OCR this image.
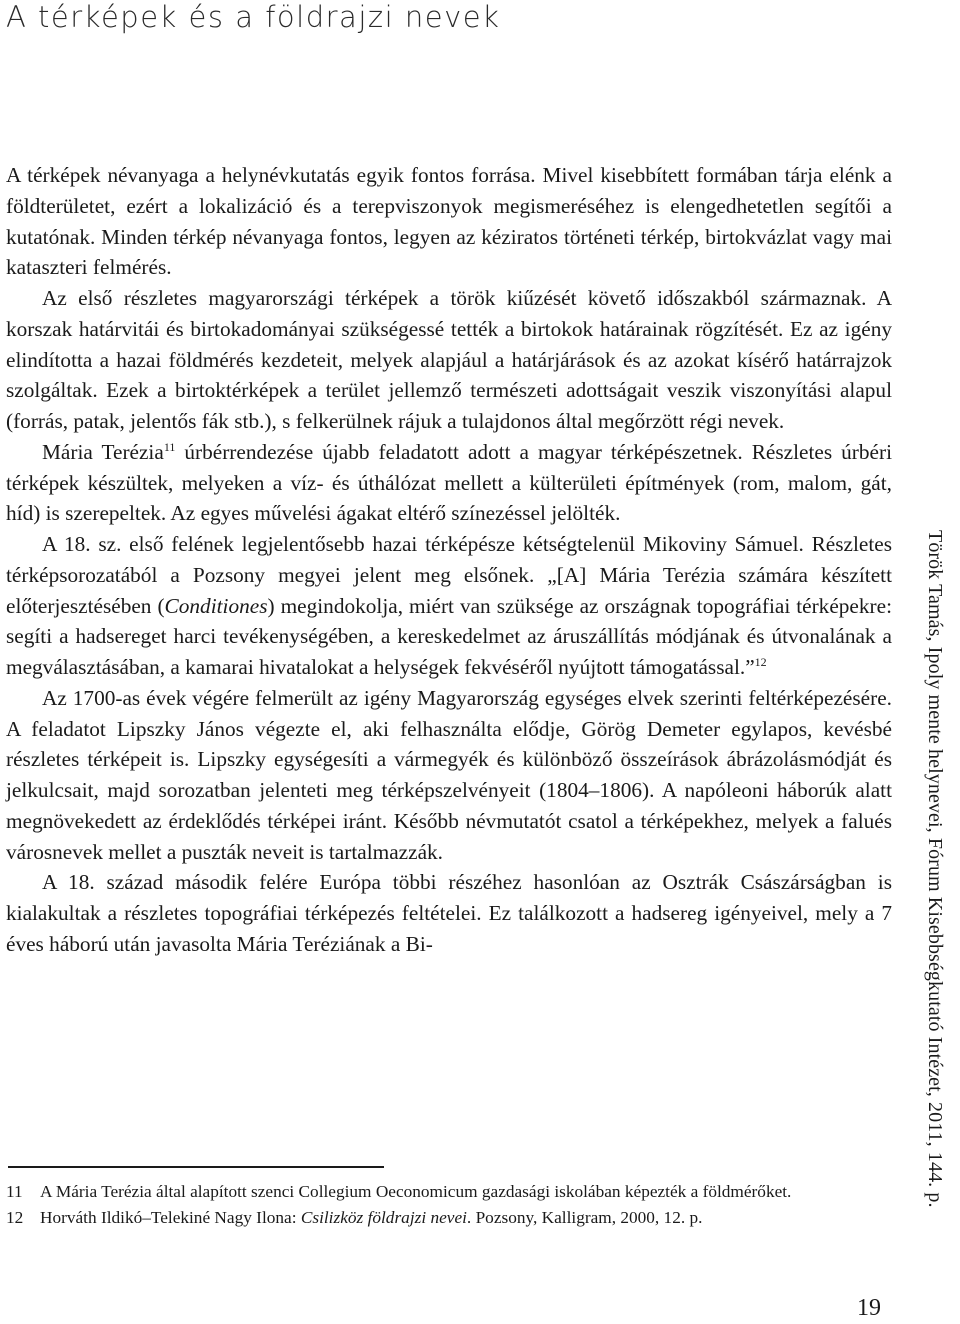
A térképek és a földrajzi nevek

A térképek névanyaga a helynévkutatás egyik fontos forrása. Mivel kisebbített formában tárja elénk a földterületet, ezért a lokalizáció és a terepviszonyok megismeréséhez is elengedhetetlen segítői a kutatónak. Minden térkép névanyaga fontos, legyen az kéziratos történeti térkép, birtokvázlat vagy mai kataszteri felmérés.

Az első részletes magyarországi térképek a török kiűzését követő időszakból származnak. A korszak határvitái és birtokadományai szükségessé tették a birtokok határainak rögzítését. Ez az igény elindította a hazai földmérés kezdeteit, melyek alapjául a határjárások és az azokat kísérő határrajzok szolgáltak. Ezek a birtoktérképek a terület jellemző természeti adottságait veszik viszonyítási alapul (forrás, patak, jelentős fák stb.), s felkerülnek rájuk a tulajdonos által megőrzött régi nevek.

Mária Terézia$^{11}$ úrbérrendezése újabb feladatott adott a magyar térképészetnek. Részletes úrbéri térképek készültek, melyeken a víz- és úthálózat mellett a külterületi építmények (rom, malom, gát, híd) is szerepeltek. Az egyes művelési ágakat eltérő színezéssel jelölték.

A 18. sz. első felének legjelentősebb hazai térképésze kétségtelenül Mikoviny Sámuel. Részletes térképsorozatából a Pozsony megyei jelent meg elsőnek. „[A] Mária Terézia számára készített előterjesztésében (Conditiones) megindokolja, miért van szüksége az országnak topográfiai térképekre: segíti a hadsereget harci tevékenységében, a kereskedelmet az áruszállítás módjának és útvonalának a megválasztásában, a kamarai hivatalokat a helységek fekvéséről nyújtott támogatással.”$^{12}$

Az 1700-as évek végére felmerült az igény Magyarország egységes elvek szerinti feltérképezésére. A feladatot Lipszky János végezte el, aki felhasználta elődje, Görög Demeter egylapos, kevésbé részletes térképeit is. Lipszky egységesíti a vármegyék és különböző összeírások ábrázolásmódját és jelkulcsait, majd sorozatban jelenteti meg térképszelvényeit (1804–1806). A napóleoni háborúk alatt megnövekedett az érdeklődés térképei iránt. Később névmutatót csatol a térképekhez, melyek a falués városnevek mellet a puszták neveit is tartalmazzák.

A 18. század második felére Európa többi részéhez hasonlóan az Osztrák Császárságban is kialakultak a részletes topográfiai térképezés feltételei. Ez találkozott a hadsereg igényeivel, mely a 7 éves háború után javasolta Mária Teréziának a Bi-

11	A Mária Terézia által alapított szenci Collegium Oeconomicum gazdasági iskolában képezték a földmérőket.
12 Horváth Ildikó–Telekiné Nagy Ilona: Csilizköz földrajzi nevei. Pozsony, Kalligram, 2000, 12. p.
Török Tamás, Ipoly mente helynevei, Fórum Kisebbségkutató Intézet, 2011, 144. p.
19
